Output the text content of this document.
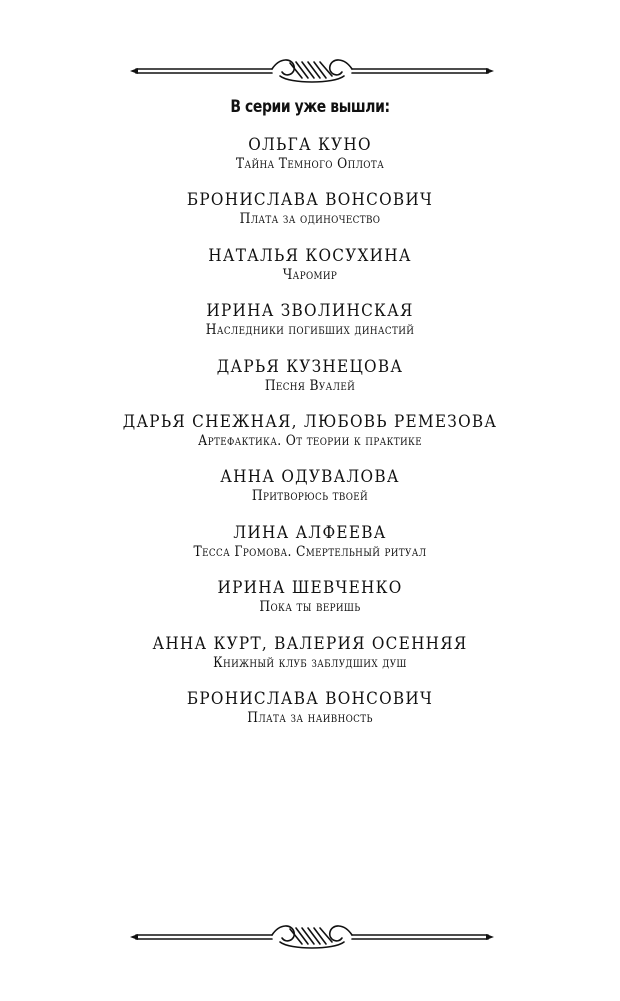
В серии уже вышли:
ОЛЬГА КУНО
Тайна Темного Оплота
БРОНИСЛАВА ВОНСОВИЧ
Плата за одиночество
НАТАЛЬЯ КОСУХИНА
Чаромир
ИРИНА ЗВОЛИНСКАЯ
Наследники погибших династий
ДАРЬЯ КУЗНЕЦОВА
Песня Вуалей
ДАРЬЯ СНЕЖНАЯ, ЛЮБОВЬ РЕМЕЗОВА
Артефактика. От теории к практике
АННА ОДУВАЛОВА
Притворюсь твоей
ЛИНА АЛФЕЕВА
Тесса Громова. Смертельный ритуал
ИРИНА ШЕВЧЕНКО
Пока ты веришь
АННА КУРТ, ВАЛЕРИЯ ОСЕННЯЯ
Книжный клуб заблудших душ
БРОНИСЛАВА ВОНСОВИЧ
Плата за наивность
